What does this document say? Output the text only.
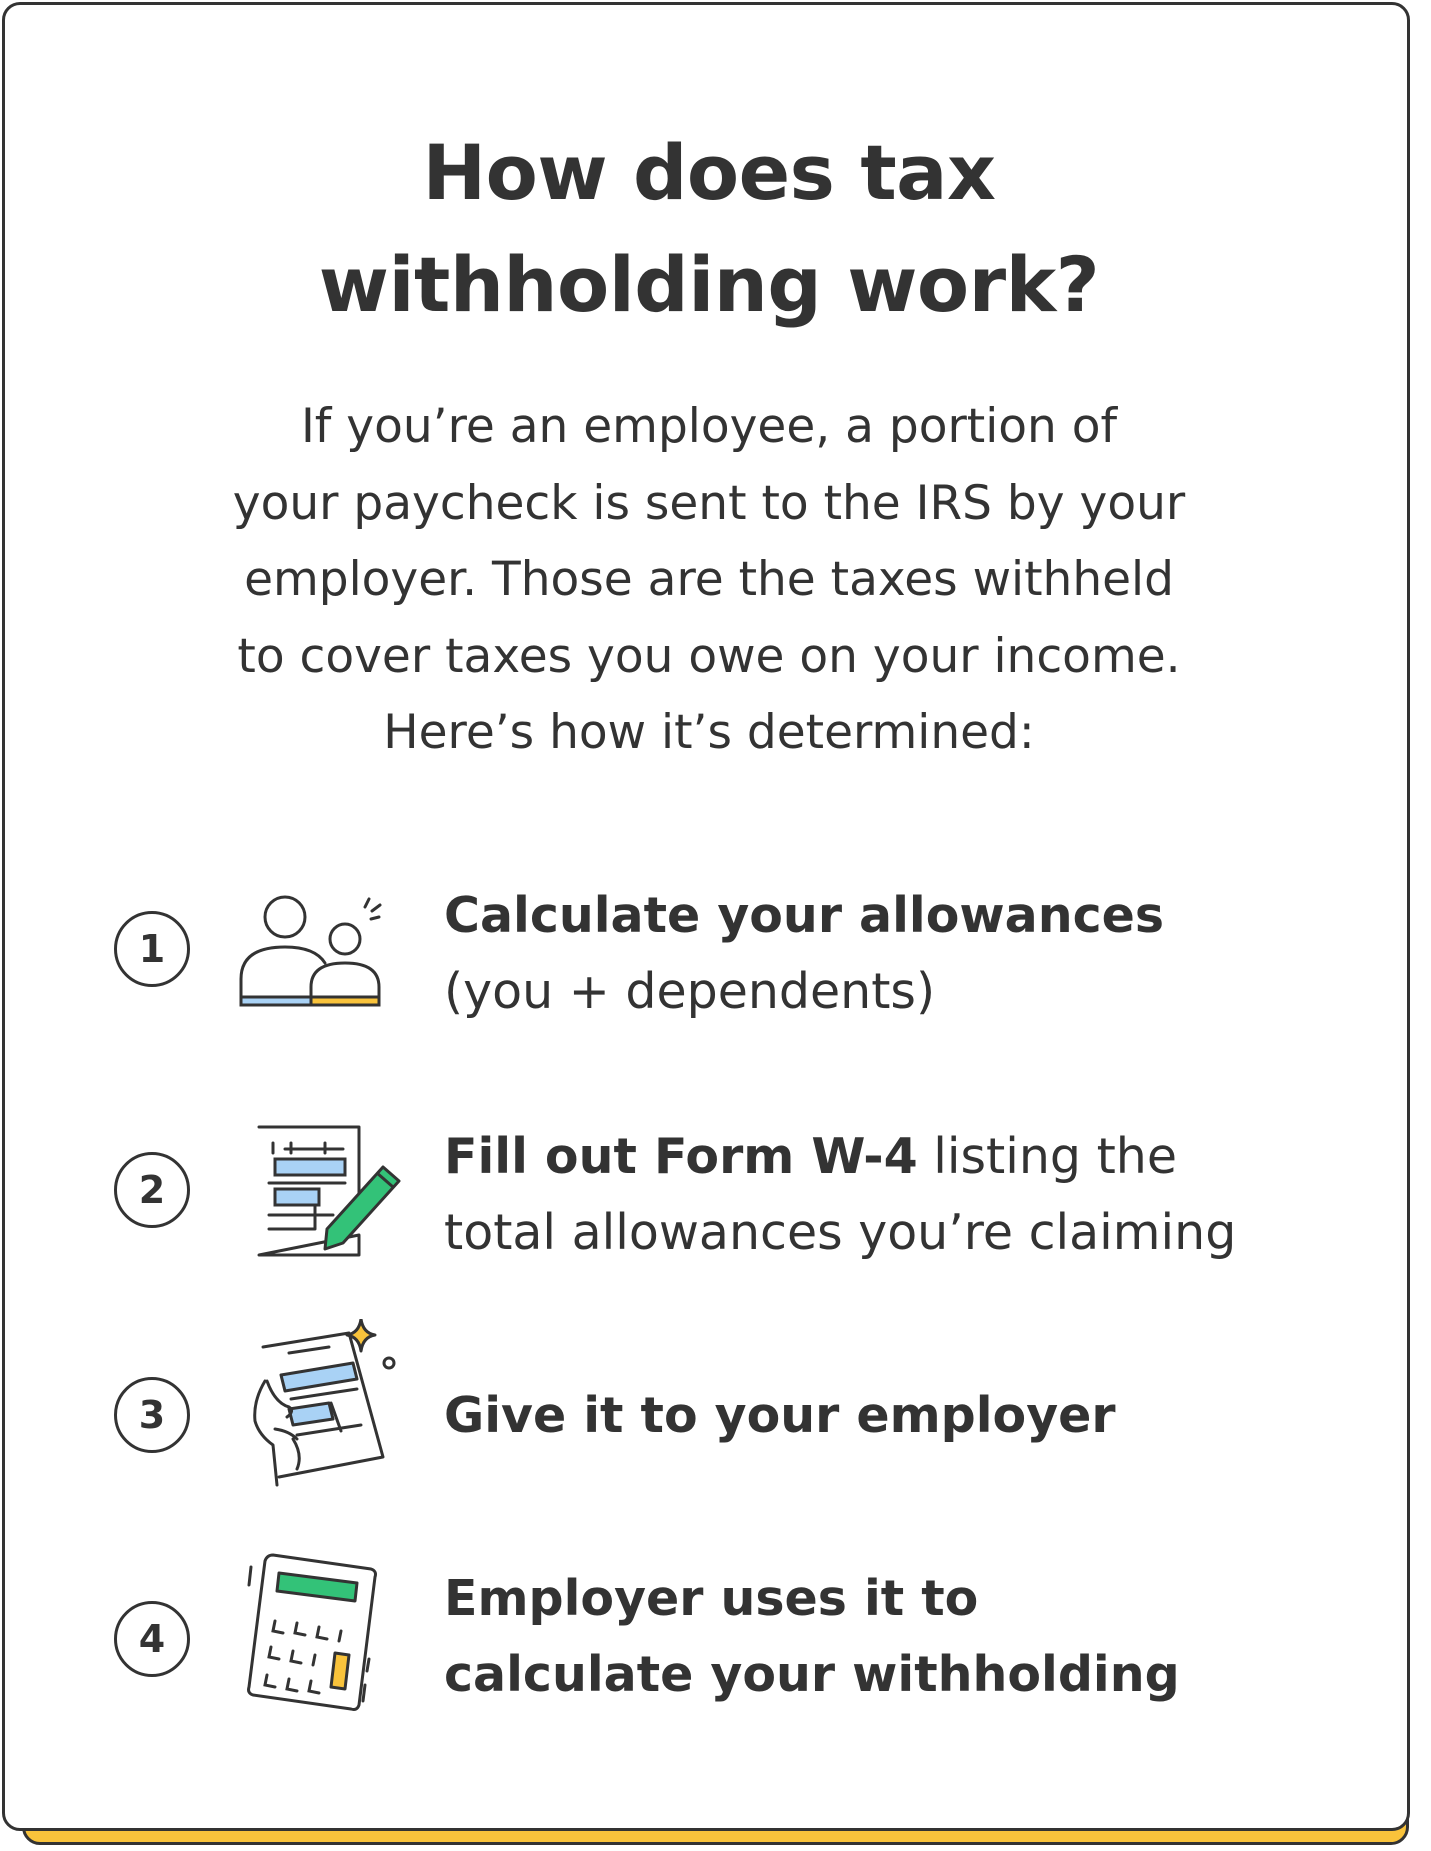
How does tax
withholding work?
If you’re an employee, a portion of
your paycheck is sent to the IRS by your
employer. Those are the taxes withheld
to cover taxes you owe on your income.
Here’s how it’s determined:
1
Calculate your allowances
(you + dependents)
2
Fill out Form W-4 listing the
total allowances you’re claiming
3	Give it to your employer
4
Employer uses it to
calculate your withholding
